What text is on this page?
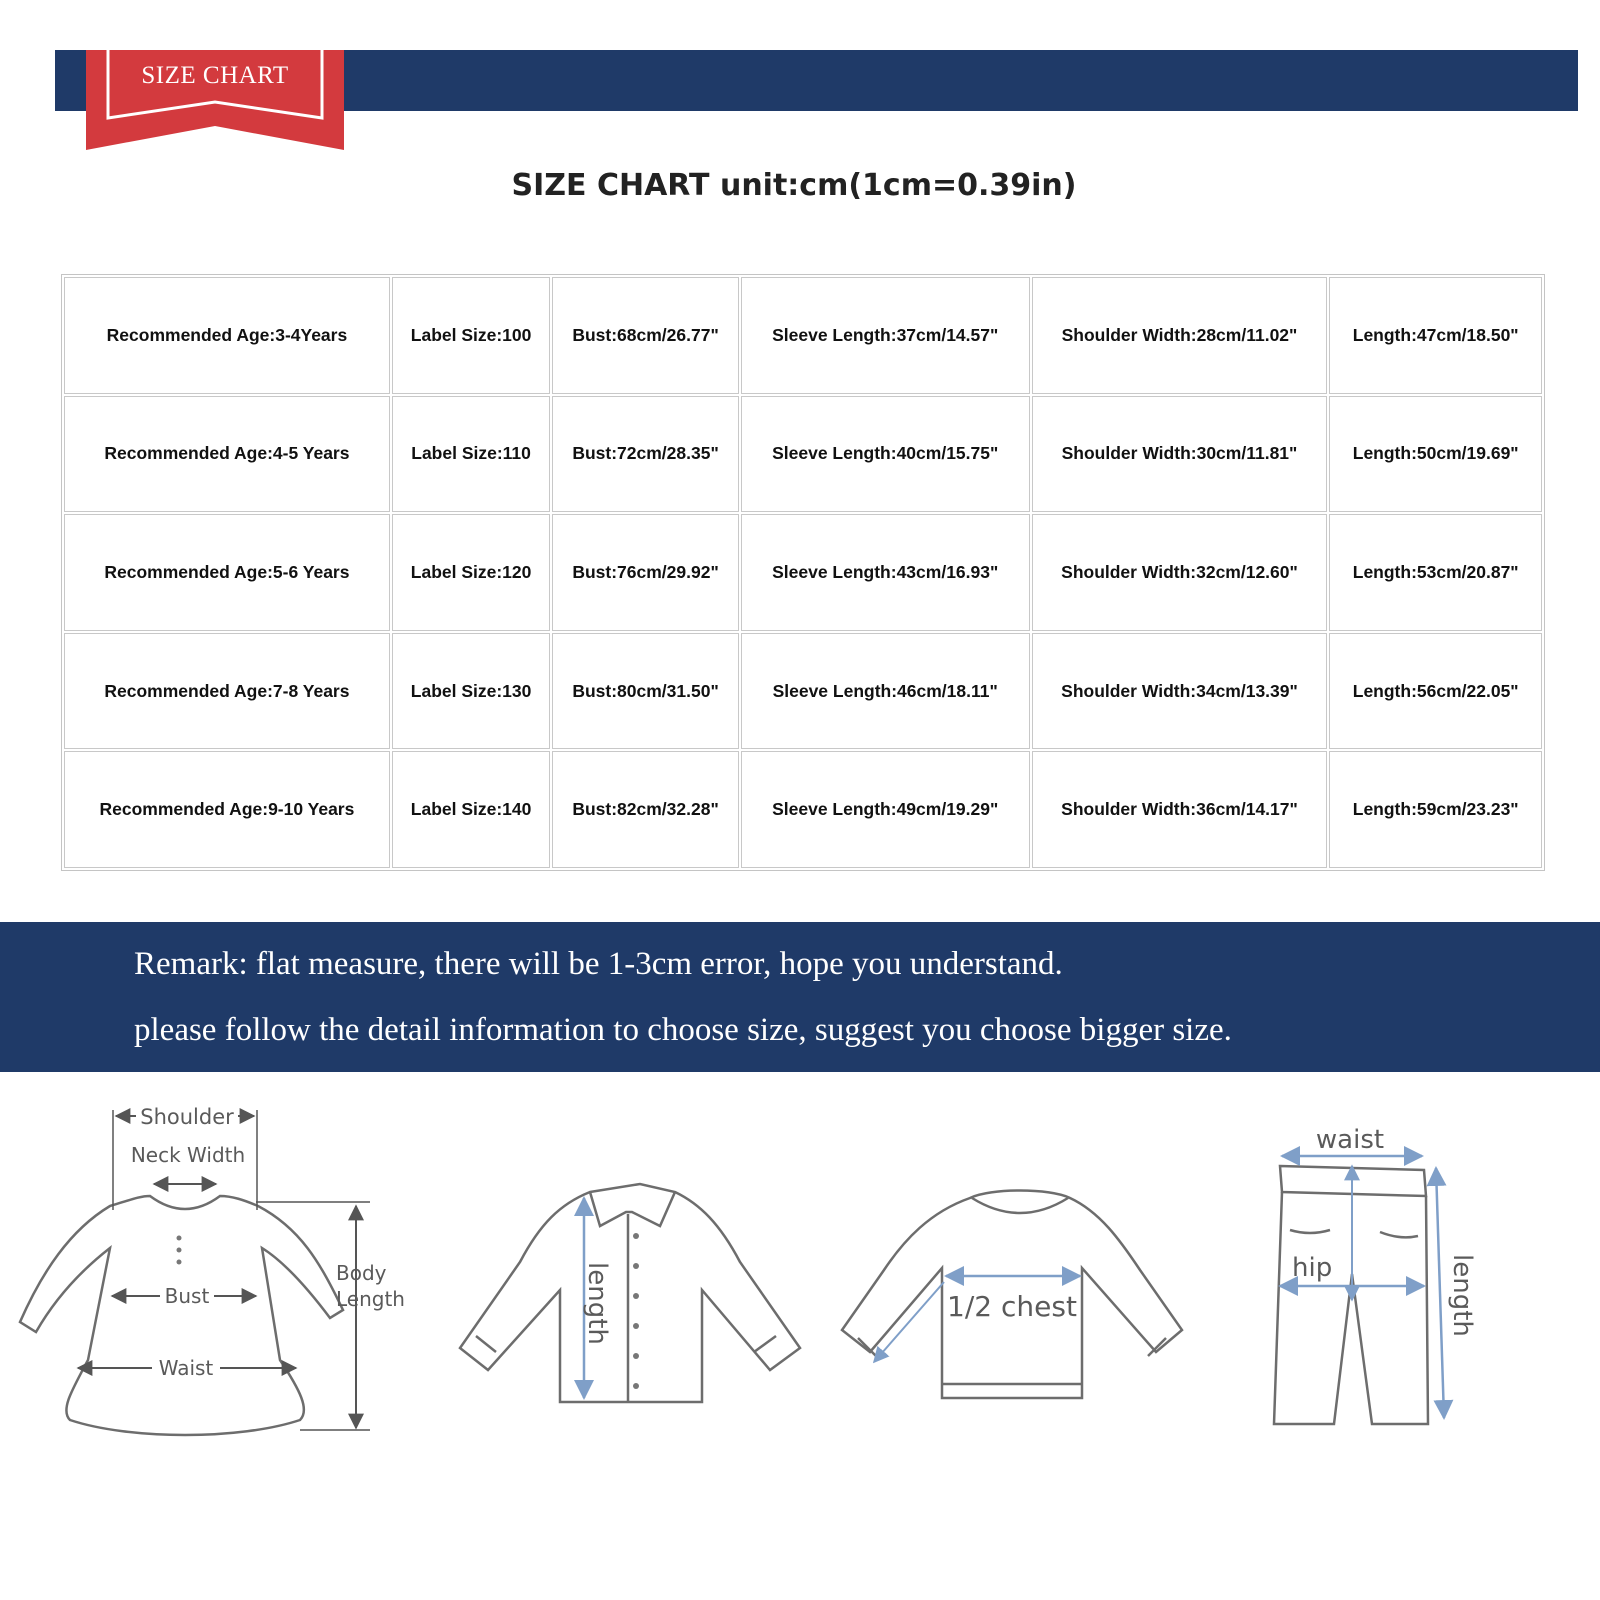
SIZE CHART
SIZE CHART unit:cm(1cm=0.39in)
Recommended Age:3-4Years	Label Size:100	Bust:68cm/26.77"	Sleeve Length:37cm/14.57"	Shoulder Width:28cm/11.02"	Length:47cm/18.50"
Recommended Age:4-5 Years	Label Size:110	Bust:72cm/28.35"	Sleeve Length:40cm/15.75"	Shoulder Width:30cm/11.81"	Length:50cm/19.69"
Recommended Age:5-6 Years	Label Size:120	Bust:76cm/29.92"	Sleeve Length:43cm/16.93"	Shoulder Width:32cm/12.60"	Length:53cm/20.87"
Recommended Age:7-8 Years	Label Size:130	Bust:80cm/31.50"	Sleeve Length:46cm/18.11"	Shoulder Width:34cm/13.39"	Length:56cm/22.05"
Recommended Age:9-10 Years	Label Size:140	Bust:82cm/32.28"	Sleeve Length:49cm/19.29"	Shoulder Width:36cm/14.17"	Length:59cm/23.23"
Remark: flat measure, there will be 1-3cm error, hope you understand.
please follow the detail information to choose size, suggest you choose bigger size.
Shoulder
Neck Width
Body
Length
Bust
Waist
length	1/2 chest
waist
hip	length
